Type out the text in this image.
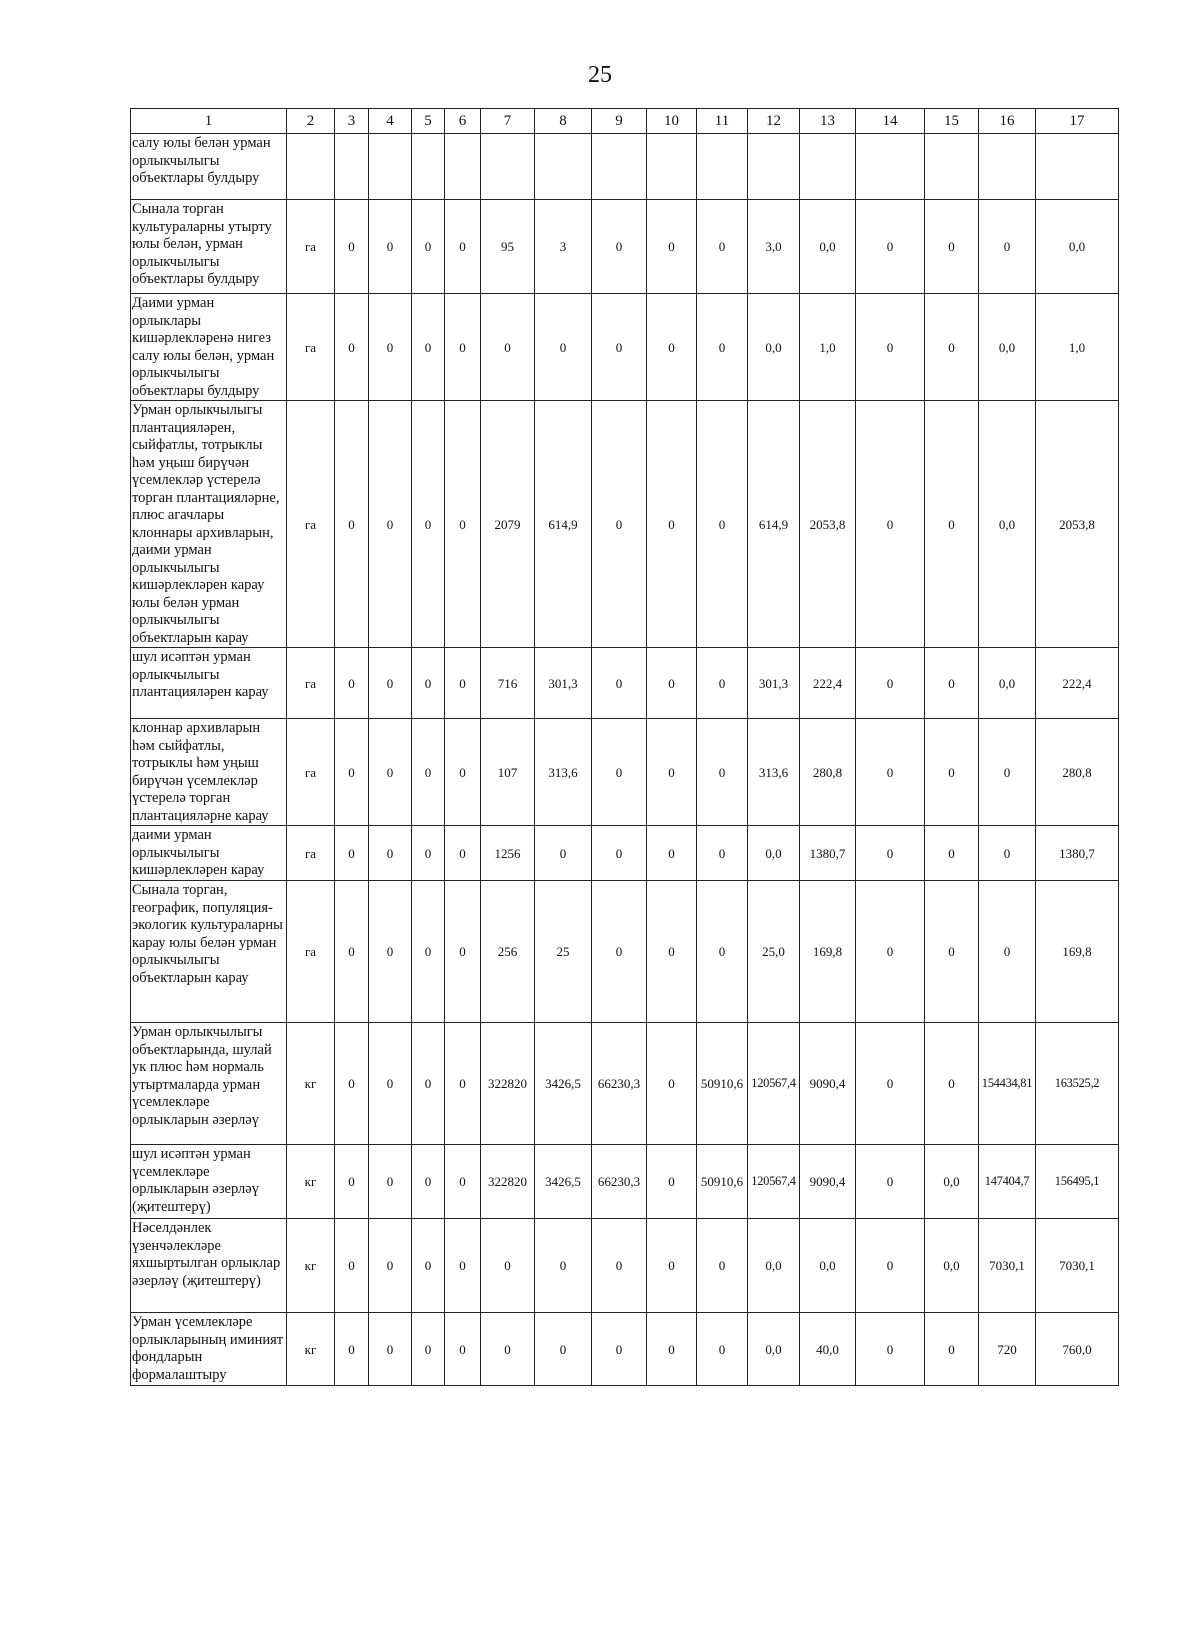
25
1	2	3	4	5	6	7	8	9	10	11	12	13	14	15	16	17
салу юлы белән урман орлыкчылыгы объектлары булдыру																
Сынала торган культураларны утырту юлы белән, урман орлыкчылыгы объектлары булдыру	га	0	0	0	0	95	3	0	0	0	3,0	0,0	0	0	0	0,0
Даими урман орлыклары кишәрлекләренә нигез салу юлы белән, урман орлыкчылыгы объектлары булдыру	га	0	0	0	0	0	0	0	0	0	0,0	1,0	0	0	0,0	1,0
Урман орлыкчылыгы плантацияләрен, сыйфатлы, тотрыклы һәм уңыш бирүчән үсемлекләр үстерелә торган плантацияләрне, плюс агачлары клоннары архивларын, даими урман орлыкчылыгы кишәрлекләрен карау юлы белән урман орлыкчылыгы объектларын карау	га	0	0	0	0	2079	614,9	0	0	0	614,9	2053,8	0	0	0,0	2053,8
шул исәптән урман орлыкчылыгы плантацияләрен карау	га	0	0	0	0	716	301,3	0	0	0	301,3	222,4	0	0	0,0	222,4
клоннар архивларын һәм сыйфатлы, тотрыклы һәм уңыш бирүчән үсемлекләр үстерелә торган плантацияләрне карау	га	0	0	0	0	107	313,6	0	0	0	313,6	280,8	0	0	0	280,8
даими урман орлыкчылыгы кишәрлекләрен карау	га	0	0	0	0	1256	0	0	0	0	0,0	1380,7	0	0	0	1380,7
Сынала торган, географик, популяция-экологик культураларны карау юлы белән урман орлыкчылыгы объектларын карау	га	0	0	0	0	256	25	0	0	0	25,0	169,8	0	0	0	169,8
Урман орлыкчылыгы объектларында, шулай ук плюс һәм нормаль утыртмаларда урман үсемлекләре орлыкларын әзерләү	кг	0	0	0	0	322820	3426,5	66230,3	0	50910,6	120567,4	9090,4	0	0	154434,81	163525,2
шул исәптән урман үсемлекләре орлыкларын әзерләү (җитештерү)	кг	0	0	0	0	322820	3426,5	66230,3	0	50910,6	120567,4	9090,4	0	0,0	147404,7	156495,1
Нәселдәнлек үзенчәлекләре яхшыртылган орлыклар әзерләү (җитештерү)	кг	0	0	0	0	0	0	0	0	0	0,0	0,0	0	0,0	7030,1	7030,1
Урман үсемлекләре орлыкларының иминият фондларын формалаштыру	кг	0	0	0	0	0	0	0	0	0	0,0	40,0	0	0	720	760,0
